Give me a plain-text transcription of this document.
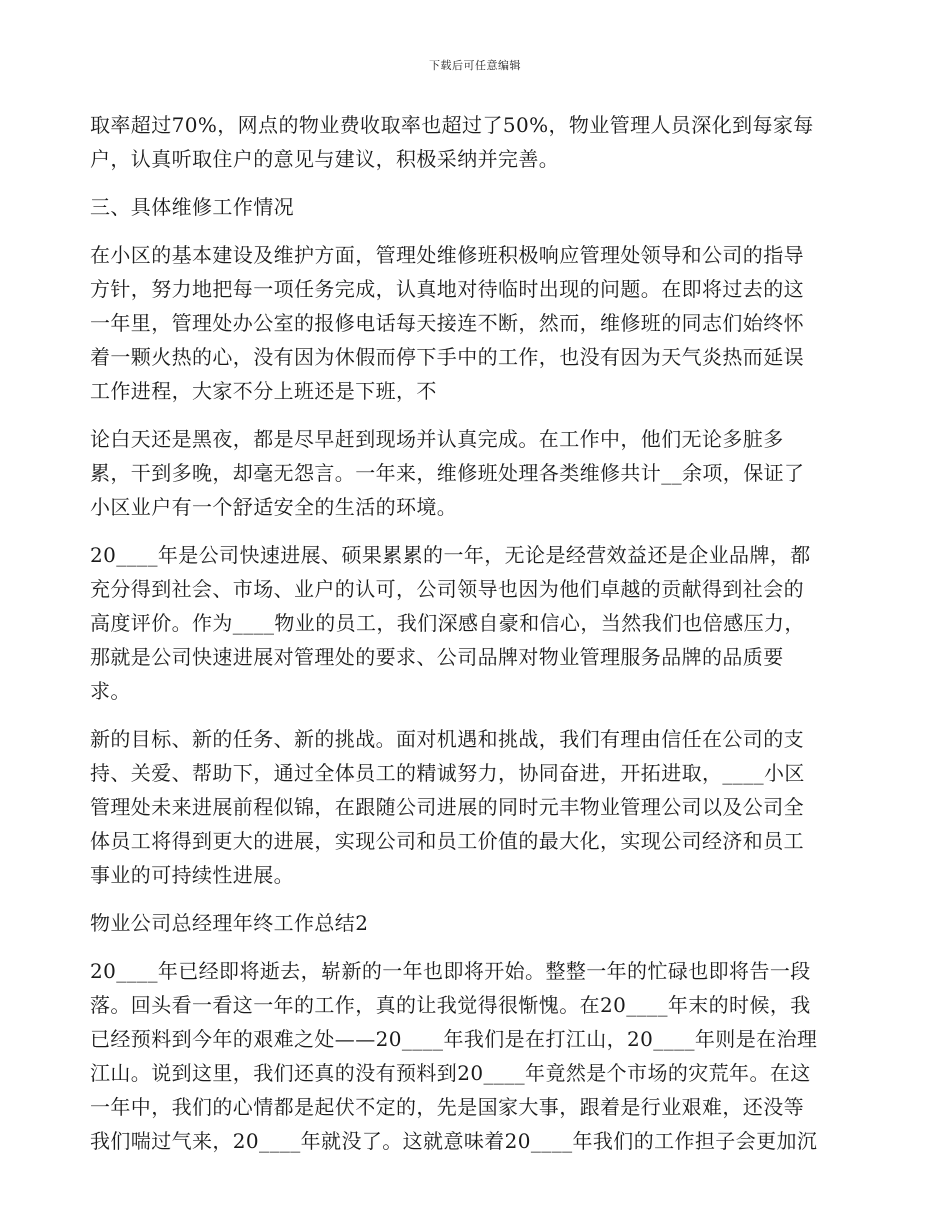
下载后可任意编辑

取率超过70%，网点的物业费收取率也超过了50%，物业管理人员深化到每家每
户，认真听取住户的意见与建议，积极采纳并完善。

三、具体维修工作情况

在小区的基本建设及维护方面，管理处维修班积极响应管理处领导和公司的指导
方针，努力地把每一项任务完成，认真地对待临时出现的问题。在即将过去的这
一年里，管理处办公室的报修电话每天接连不断，然而，维修班的同志们始终怀
着一颗火热的心，没有因为休假而停下手中的工作，也没有因为天气炎热而延误
工作进程，大家不分上班还是下班，不

论白天还是黑夜，都是尽早赶到现场并认真完成。在工作中，他们无论多脏多
累，干到多晚，却毫无怨言。一年来，维修班处理各类维修共计__余项，保证了
小区业户有一个舒适安全的生活的环境。

20____年是公司快速进展、硕果累累的一年，无论是经营效益还是企业品牌，都
充分得到社会、市场、业户的认可，公司领导也因为他们卓越的贡献得到社会的
高度评价。作为____物业的员工，我们深感自豪和信心，当然我们也倍感压力，
那就是公司快速进展对管理处的要求、公司品牌对物业管理服务品牌的品质要
求。

新的目标、新的任务、新的挑战。面对机遇和挑战，我们有理由信任在公司的支
持、关爱、帮助下，通过全体员工的精诚努力，协同奋进，开拓进取，____小区
管理处未来进展前程似锦，在跟随公司进展的同时元丰物业管理公司以及公司全
体员工将得到更大的进展，实现公司和员工价值的最大化，实现公司经济和员工
事业的可持续性进展。

物业公司总经理年终工作总结2

20____年已经即将逝去，崭新的一年也即将开始。整整一年的忙碌也即将告一段
落。回头看一看这一年的工作，真的让我觉得很惭愧。在20____年末的时候，我
已经预料到今年的艰难之处——20____年我们是在打江山，20____年则是在治理
江山。说到这里，我们还真的没有预料到20____年竟然是个市场的灾荒年。在这
一年中，我们的心情都是起伏不定的，先是国家大事，跟着是行业艰难，还没等
我们喘过气来，20____年就没了。这就意味着20____年我们的工作担子会更加沉
